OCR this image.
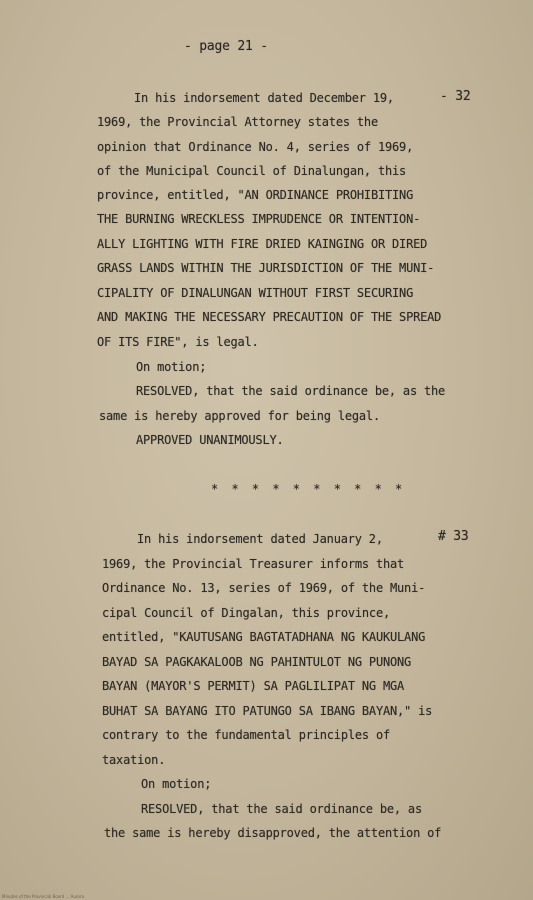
- page 21 -
- 32
In his indorsement dated December 19,
1969, the Provincial Attorney states the
opinion that Ordinance No. 4, series of 1969,
of the Municipal Council of Dinalungan, this
province, entitled, "AN ORDINANCE PROHIBITING
THE BURNING WRECKLESS IMPRUDENCE OR INTENTION-
ALLY LIGHTING WITH FIRE DRIED KAINGING OR DIRED
GRASS LANDS WITHIN THE JURISDICTION OF THE MUNI-
CIPALITY OF DINALUNGAN WITHOUT FIRST SECURING
AND MAKING THE NECESSARY PRECAUTION OF THE SPREAD
OF ITS FIRE", is legal.
On motion;
RESOLVED, that the said ordinance be, as the
same is hereby approved for being legal.
APPROVED UNANIMOUSLY.
* * * * * * * * * *
# 33
In his indorsement dated January 2,
1969, the Provincial Treasurer informs that
Ordinance No. 13, series of 1969, of the Muni-
cipal Council of Dingalan, this province,
entitled, "KAUTUSANG BAGTATADHANA NG KAUKULANG
BAYAD SA PAGKAKALOOB NG PAHINTULOT NG PUNONG
BAYAN (MAYOR'S PERMIT) SA PAGLILIPAT NG MGA
BUHAT SA BAYANG ITO PATUNGO SA IBANG BAYAN," is
contrary to the fundamental principles of
taxation.
On motion;
RESOLVED, that the said ordinance be, as
the same is hereby disapproved, the attention of
Minutes of the Provincial Board ... Aurora
